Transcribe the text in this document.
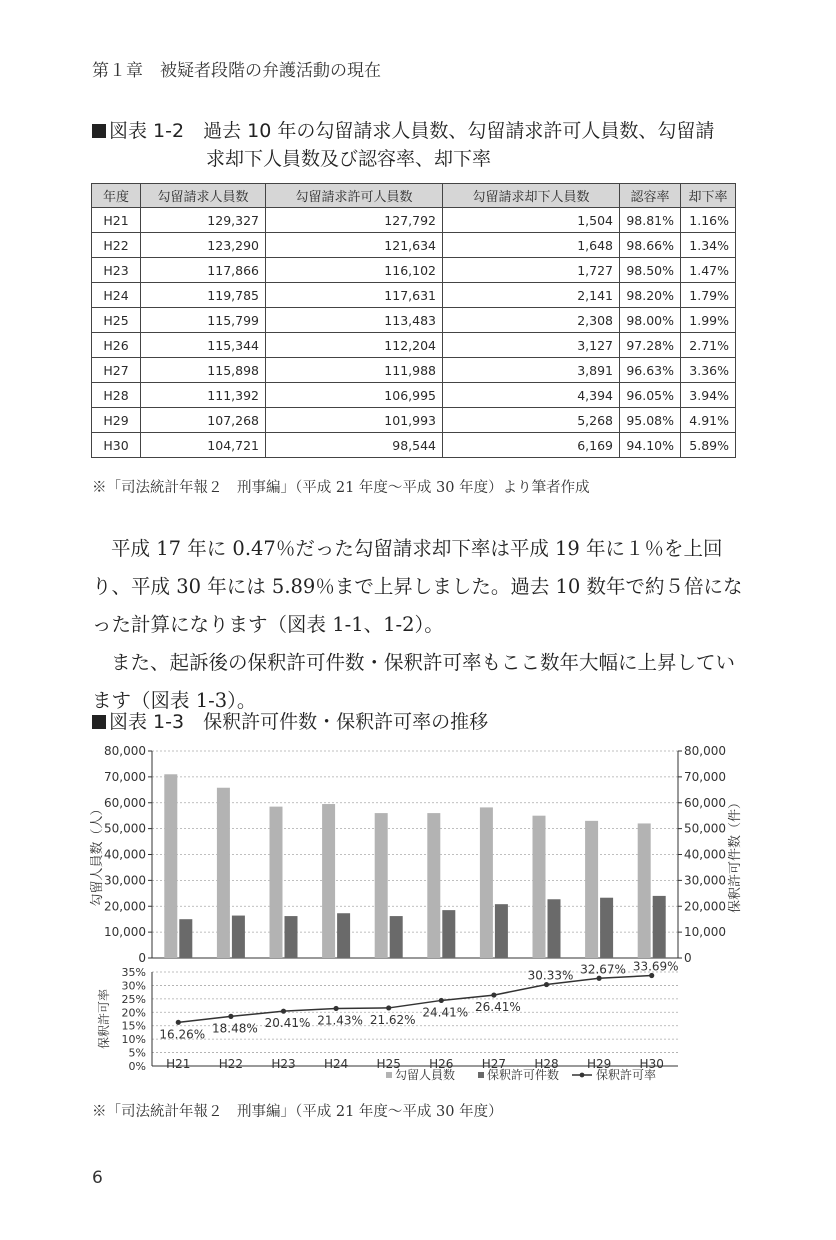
第１章　被疑者段階の弁護活動の現在
図表 1-2　過去 10 年の勾留請求人員数、勾留請求許可人員数、勾留請
求却下人員数及び認容率、却下率
年度	勾留請求人員数	勾留請求許可人員数	勾留請求却下人員数	認容率	却下率
H21	129,327	127,792	1,504	98.81%	1.16%
H22	123,290	121,634	1,648	98.66%	1.34%
H23	117,866	116,102	1,727	98.50%	1.47%
H24	119,785	117,631	2,141	98.20%	1.79%
H25	115,799	113,483	2,308	98.00%	1.99%
H26	115,344	112,204	3,127	97.28%	2.71%
H27	115,898	111,988	3,891	96.63%	3.36%
H28	111,392	106,995	4,394	96.05%	3.94%
H29	107,268	101,993	5,268	95.08%	4.91%
H30	104,721	98,544	6,169	94.10%	5.89%
※「司法統計年報２　刑事編」（平成 21 年度～平成 30 年度）より筆者作成

平成 17 年に 0.47％だった勾留請求却下率は平成 19 年に１％を上回り、平成 30 年には 5.89％まで上昇しました。過去 10 数年で約５倍になった計算になります（図表 1-1、1-2）。

また、起訴後の保釈許可件数・保釈許可率もここ数年大幅に上昇しています（図表 1-3）。

図表 1-3　保釈許可件数・保釈許可率の推移
0
10,000
20,000
30,000
40,000
50,000
60,000
70,000
80,000
0
10,000
20,000
30,000
40,000
50,000
60,000
70,000
80,000
勾留人員数（人）	保釈許可件数（件）
0%
5%
10%
15%
20%
25%
30%
35%
保釈許可率	16.26% 18.48% 20.41% 21.43% 21.62%
24.41% 26.41%
30.33% 32.67% 33.69%
H21 H22 H23 H24 H25 H26 H27 H28 H29 H30
勾留人員数	保釈許可件数	保釈許可率
※「司法統計年報２　刑事編」（平成 21 年度～平成 30 年度）
6
